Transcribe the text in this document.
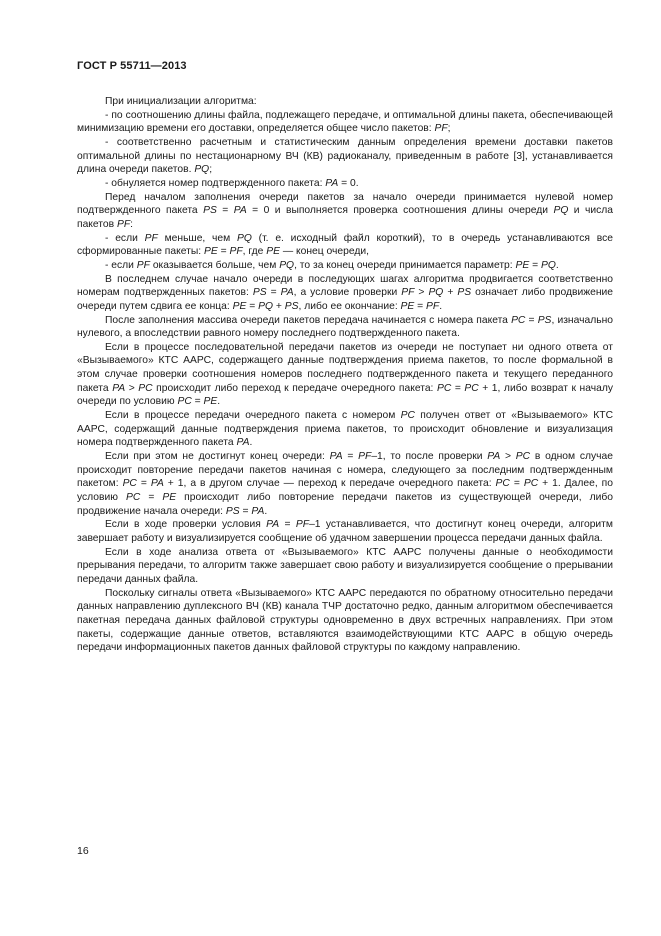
ГОСТ Р 55711—2013

При инициализации алгоритма:

- по соотношению длины файла, подлежащего передаче, и оптимальной длины пакета, обеспечивающей минимизацию времени его доставки, определяется общее число пакетов: PF;

- соответственно расчетным и статистическим данным определения времени доставки пакетов оптимальной длины по нестационарному ВЧ (КВ) радиоканалу, приведенным в работе [3], устанавливается длина очереди пакетов. PQ;

- обнуляется номер подтвержденного пакета: PA = 0.

Перед началом заполнения очереди пакетов за начало очереди принимается нулевой номер подтвержденного пакета PS = PA = 0 и выполняется проверка соотношения длины очереди PQ и числа пакетов PF:

- если PF меньше, чем PQ (т. е. исходный файл короткий), то в очередь устанавливаются все сформированные пакеты: PE = PF, где PE — конец очереди,

- если PF оказывается больше, чем PQ, то за конец очереди принимается параметр: PE = PQ.

В последнем случае начало очереди в последующих шагах алгоритма продвигается соответственно номерам подтвержденных пакетов: PS = PA, а условие проверки PF > PQ + PS означает либо продвижение очереди путем сдвига ее конца: PE = PQ + PS, либо ее окончание: PE = PF.

После заполнения массива очереди пакетов передача начинается с номера пакета PC = PS, изначально нулевого, а впоследствии равного номеру последнего подтвержденного пакета.

Если в процессе последовательной передачи пакетов из очереди не поступает ни одного ответа от «Вызываемого» КТС ААРС, содержащего данные подтверждения приема пакетов, то после формальной в этом случае проверки соотношения номеров последнего подтвержденного пакета и текущего переданного пакета PA > PC происходит либо переход к передаче очередного пакета: PC = PC + 1, либо возврат к началу очереди по условию PC = PE.

Если в процессе передачи очередного пакета с номером PC получен ответ от «Вызываемого» КТС ААРС, содержащий данные подтверждения приема пакетов, то происходит обновление и визуализация номера подтвержденного пакета PA.

Если при этом не достигнут конец очереди: PA = PF–1, то после проверки PA > PC в одном случае происходит повторение передачи пакетов начиная с номера, следующего за последним подтвержденным пакетом: PC = PA + 1, а в другом случае — переход к передаче очередного пакета: PC = PC + 1. Далее, по условию PC = PE происходит либо повторение передачи пакетов из существующей очереди, либо продвижение начала очереди: PS = PA.

Если в ходе проверки условия PA = PF–1 устанавливается, что достигнут конец очереди, алгоритм завершает работу и визуализируется сообщение об удачном завершении процесса передачи данных файла.

Если в ходе анализа ответа от «Вызываемого» КТС ААРС получены данные о необходимости прерывания передачи, то алгоритм также завершает свою работу и визуализируется сообщение о прерывании передачи данных файла.

Поскольку сигналы ответа «Вызываемого» КТС ААРС передаются по обратному относительно передачи данных направлению дуплексного ВЧ (КВ) канала ТЧР достаточно редко, данным алгоритмом обеспечивается пакетная передача данных файловой структуры одновременно в двух встречных направлениях. При этом пакеты, содержащие данные ответов, вставляются взаимодействующими КТС ААРС в общую очередь передачи информационных пакетов данных файловой структуры по каждому направлению.

16
